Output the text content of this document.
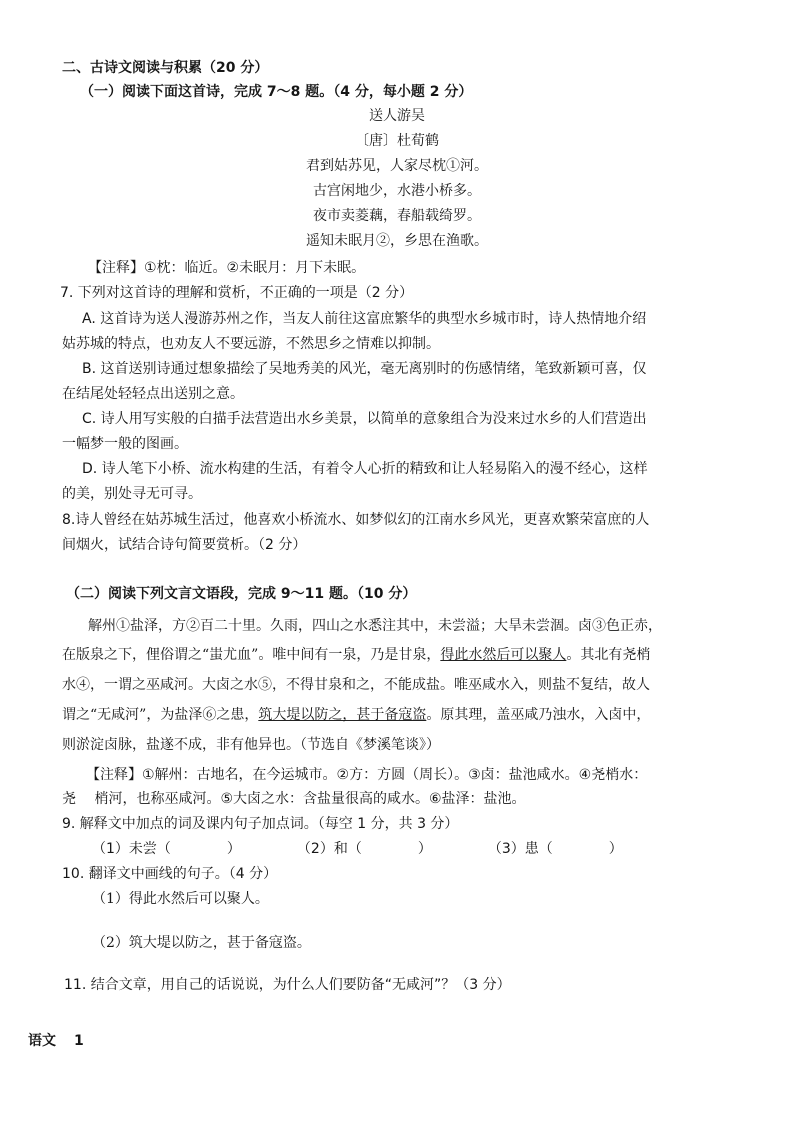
二、古诗文阅读与积累（20 分）
（一）阅读下面这首诗，完成 7～8 题。（4 分，每小题 2 分）
送人游吴
〔唐〕杜荀鹤
君到姑苏见，人家尽枕①河。
古宫闲地少，水港小桥多。
夜市卖菱藕，春船载绮罗。
遥知未眠月②，乡思在渔歌。
【注释】①枕：临近。②未眠月：月下未眠。
7. 下列对这首诗的理解和赏析，不正确的一项是（2 分）
A. 这首诗为送人漫游苏州之作，当友人前往这富庶繁华的典型水乡城市时，诗人热情地介绍
姑苏城的特点，也劝友人不要远游，不然思乡之情难以抑制。
B. 这首送别诗通过想象描绘了吴地秀美的风光，毫无离别时的伤感情绪，笔致新颖可喜，仅
在结尾处轻轻点出送别之意。
C. 诗人用写实般的白描手法营造出水乡美景，以简单的意象组合为没来过水乡的人们营造出
一幅梦一般的图画。
D. 诗人笔下小桥、流水构建的生活，有着令人心折的精致和让人轻易陷入的漫不经心，这样
的美，别处寻无可寻。
8.诗人曾经在姑苏城生活过，他喜欢小桥流水、如梦似幻的江南水乡风光，更喜欢繁荣富庶的人
间烟火，试结合诗句简要赏析。（2 分）
（二）阅读下列文言文语段，完成 9～11 题。（10 分）
解州①盐泽，方②百二十里。久雨，四山之水悉注其中，未尝溢；大旱未尝涸。卤③色正赤，
在版泉之下，俚俗谓之“蚩尤血”。唯中间有一泉，乃是甘泉，得此水然后可以聚人。其北有尧梢
水④，一谓之巫咸河。大卤之水⑤，不得甘泉和之，不能成盐。唯巫咸水入，则盐不复结，故人
谓之“无咸河”，为盐泽⑥之患，筑大堤以防之，甚于备寇盗。原其理，盖巫咸乃浊水，入卤中，
则淤淀卤脉，盐遂不成，非有他异也。（节选自《梦溪笔谈》）
【注释】①解州：古地名，在今运城市。②方：方圆（周长）。③卤：盐池咸水。④尧梢水：
尧　 梢河，也称巫咸河。⑤大卤之水：含盐量很高的咸水。⑥盐泽：盐池。
9. 解释文中加点的词及课内句子加点词。（每空 1 分，共 3 分）
（1）未尝（　　　　）	（2）和（　　　　）	（3）患（　　　　）
10. 翻译文中画线的句子。（4 分）
（1）得此水然后可以聚人。
（2）筑大堤以防之，甚于备寇盗。
11. 结合文章，用自己的话说说，为什么人们要防备“无咸河”？（3 分）
语文 1
